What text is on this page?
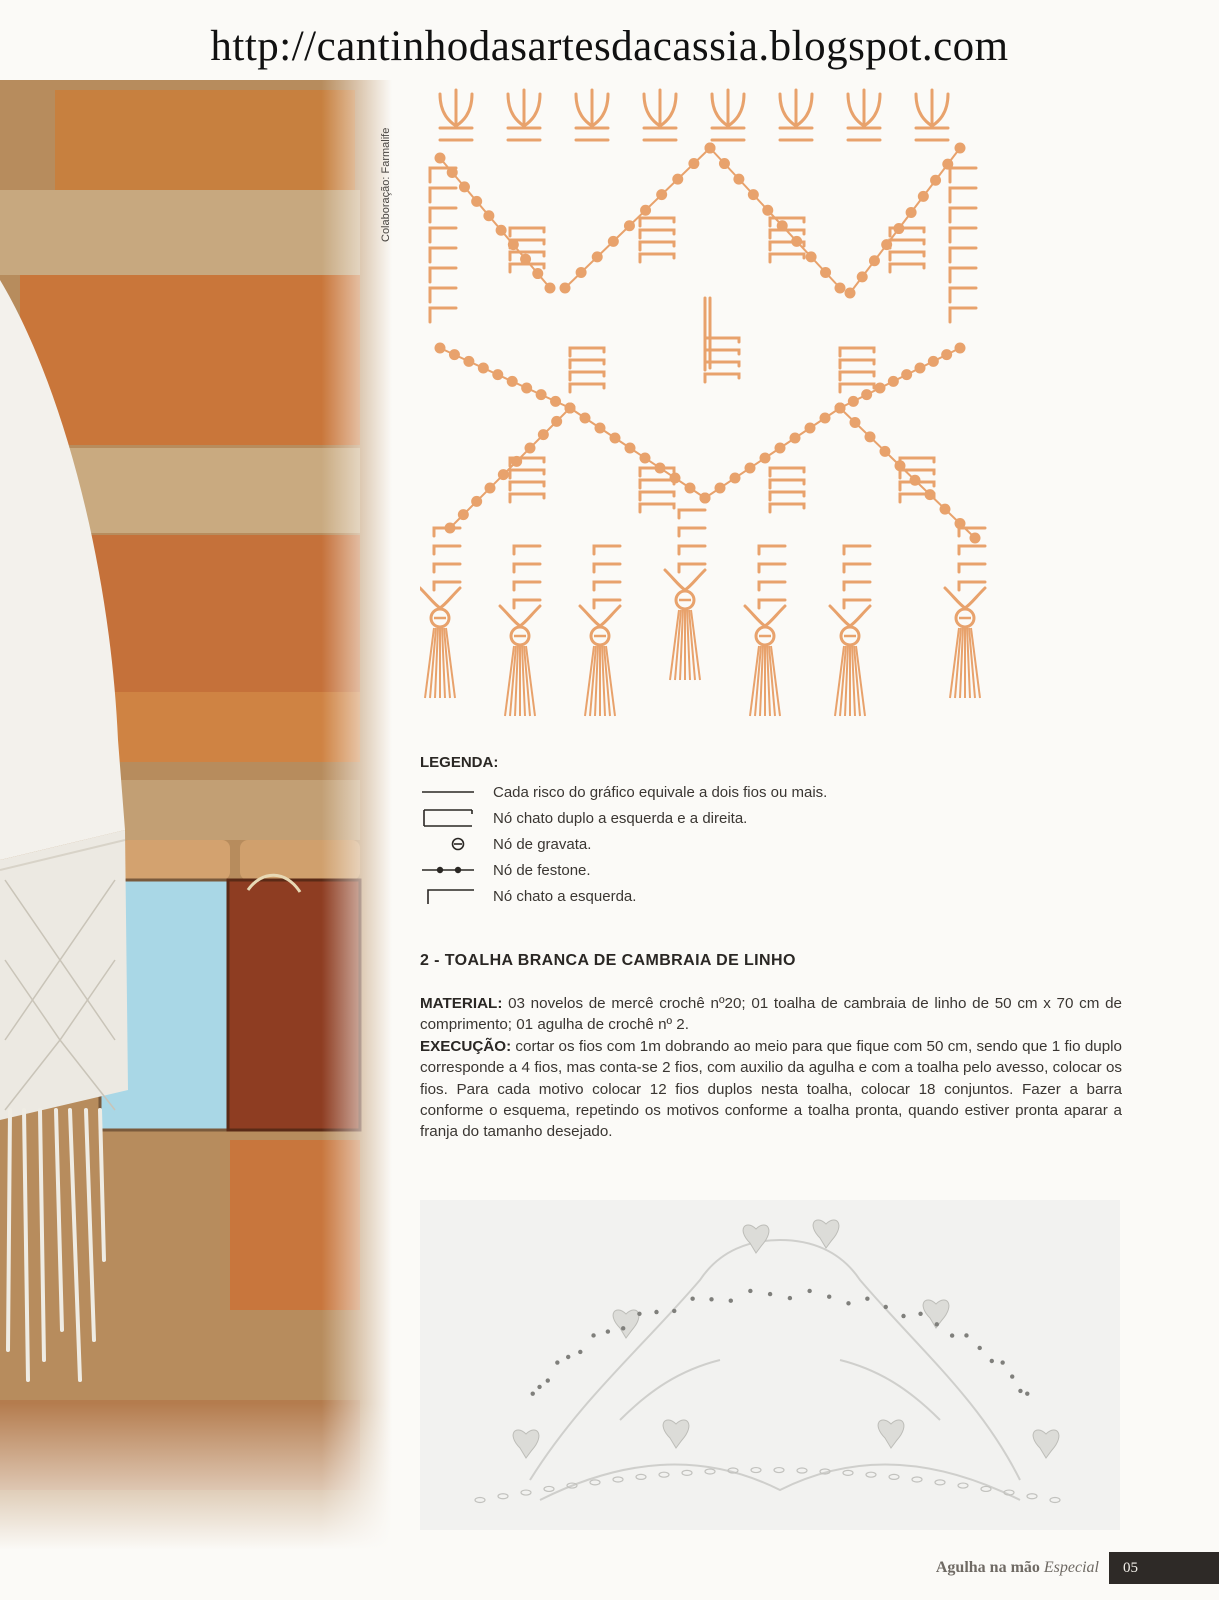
http://cantinhodasartesdacassia.blogspot.com
Colaboração: Farmalife
LEGENDA:
Cada risco do gráfico equivale a dois fios ou mais.
Nó chato duplo a esquerda e a direita.
Nó de gravata.
Nó de festone.
Nó chato a esquerda.
2 - TOALHA BRANCA DE CAMBRAIA DE LINHO
MATERIAL: 03 novelos de mercê crochê nº20; 01 toalha de cambraia de linho de 50 cm x 70 cm de comprimento; 01 agulha de crochê nº 2.
EXECUÇÃO: cortar os fios com 1m dobrando ao meio para que fique com 50 cm, sendo que 1 fio duplo corresponde a 4 fios, mas conta-se 2 fios, com auxilio da agulha e com a toalha pelo avesso, colocar os fios. Para cada motivo colocar 12 fios duplos nesta toalha, colocar 18 conjuntos. Fazer a barra conforme o esquema, repetindo os motivos conforme a toalha pronta, quando estiver pronta aparar a franja do tamanho desejado.
Agulha na mão Especial	05
